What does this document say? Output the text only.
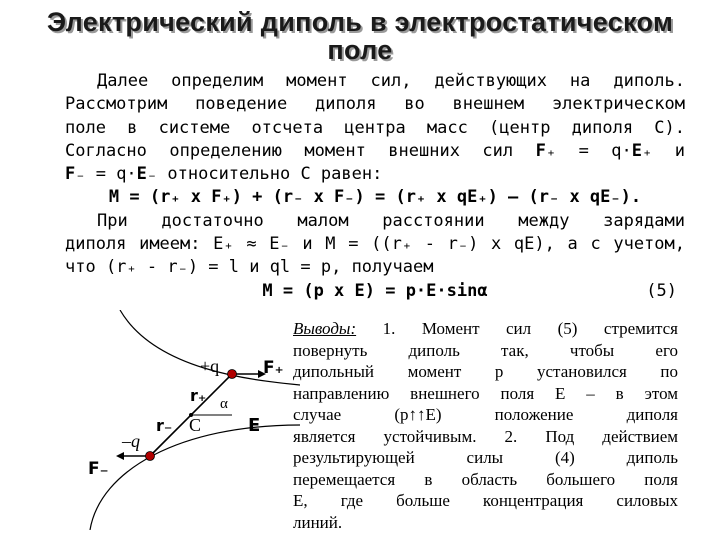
Электрический диполь в электростатическом
поле
Далее определим момент сил, действующих на диполь.
Рассмотрим поведение диполя во внешнем электрическом
поле в системе отсчета центра масс (центр диполя C).
Согласно определению момент внешних сил F₊ = q·E₊ и
F₋ = q·E₋ относительно C равен:
M = (r₊ x F₊) + (r₋ x F₋) = (r₊ x qE₊) – (r₋ x qE₋).
При достаточно малом расстоянии между зарядами
диполя имеем: E₊ ≈ E₋ и M = ((r₊ - r₋) x qE), а с учетом,
что (r₊ - r₋) = l и ql = p, получаем
M = (p x E) = p·E·sinα	(5)
+q
–q
F₊
F₋
r₊
r₋ C
α
E
Выводы: 1. Момент сил (5) стремится
повернуть диполь так, чтобы его
дипольный момент p установился по
направлению внешнего поля E – в этом
случае (p↑↑E) положение диполя
является устойчивым. 2. Под действием
результирующей силы (4) диполь
перемещается в область большего поля
E, где больше концентрация силовых
линий.
